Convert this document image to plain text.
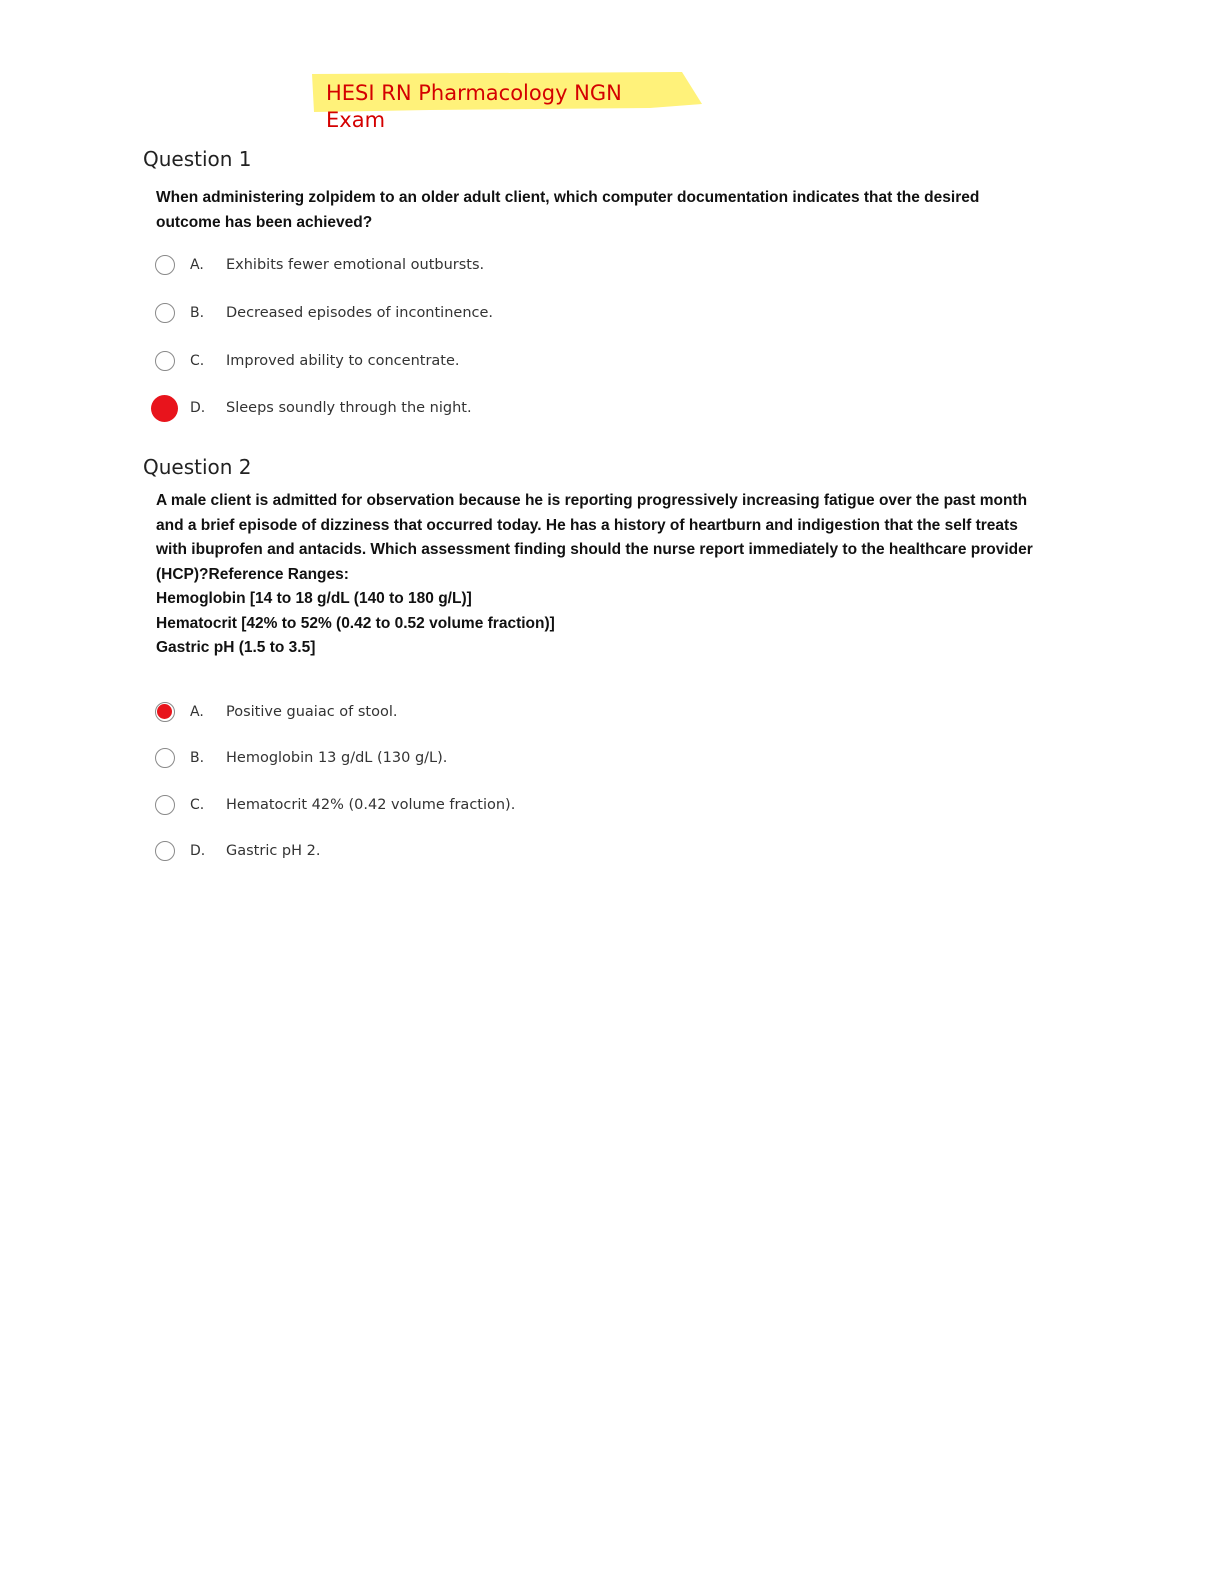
HESI RN Pharmacology NGN
Exam
Question 1
When administering zolpidem to an older adult client, which computer documentation indicates that the desired
outcome has been achieved?
A.	Exhibits fewer emotional outbursts.
B.	Decreased episodes of incontinence.
C.	Improved ability to concentrate.
D.	Sleeps soundly through the night.
Question 2
A male client is admitted for observation because he is reporting progressively increasing fatigue over the past month
and a brief episode of dizziness that occurred today. He has a history of heartburn and indigestion that the self treats
with ibuprofen and antacids. Which assessment finding should the nurse report immediately to the healthcare provider
(HCP)?Reference Ranges:
Hemoglobin [14 to 18 g/dL (140 to 180 g/L)]
Hematocrit [42% to 52% (0.42 to 0.52 volume fraction)]
Gastric pH (1.5 to 3.5]
A.	Positive guaiac of stool.
B.	Hemoglobin 13 g/dL (130 g/L).
C.	Hematocrit 42% (0.42 volume fraction).
D.	Gastric pH 2.
